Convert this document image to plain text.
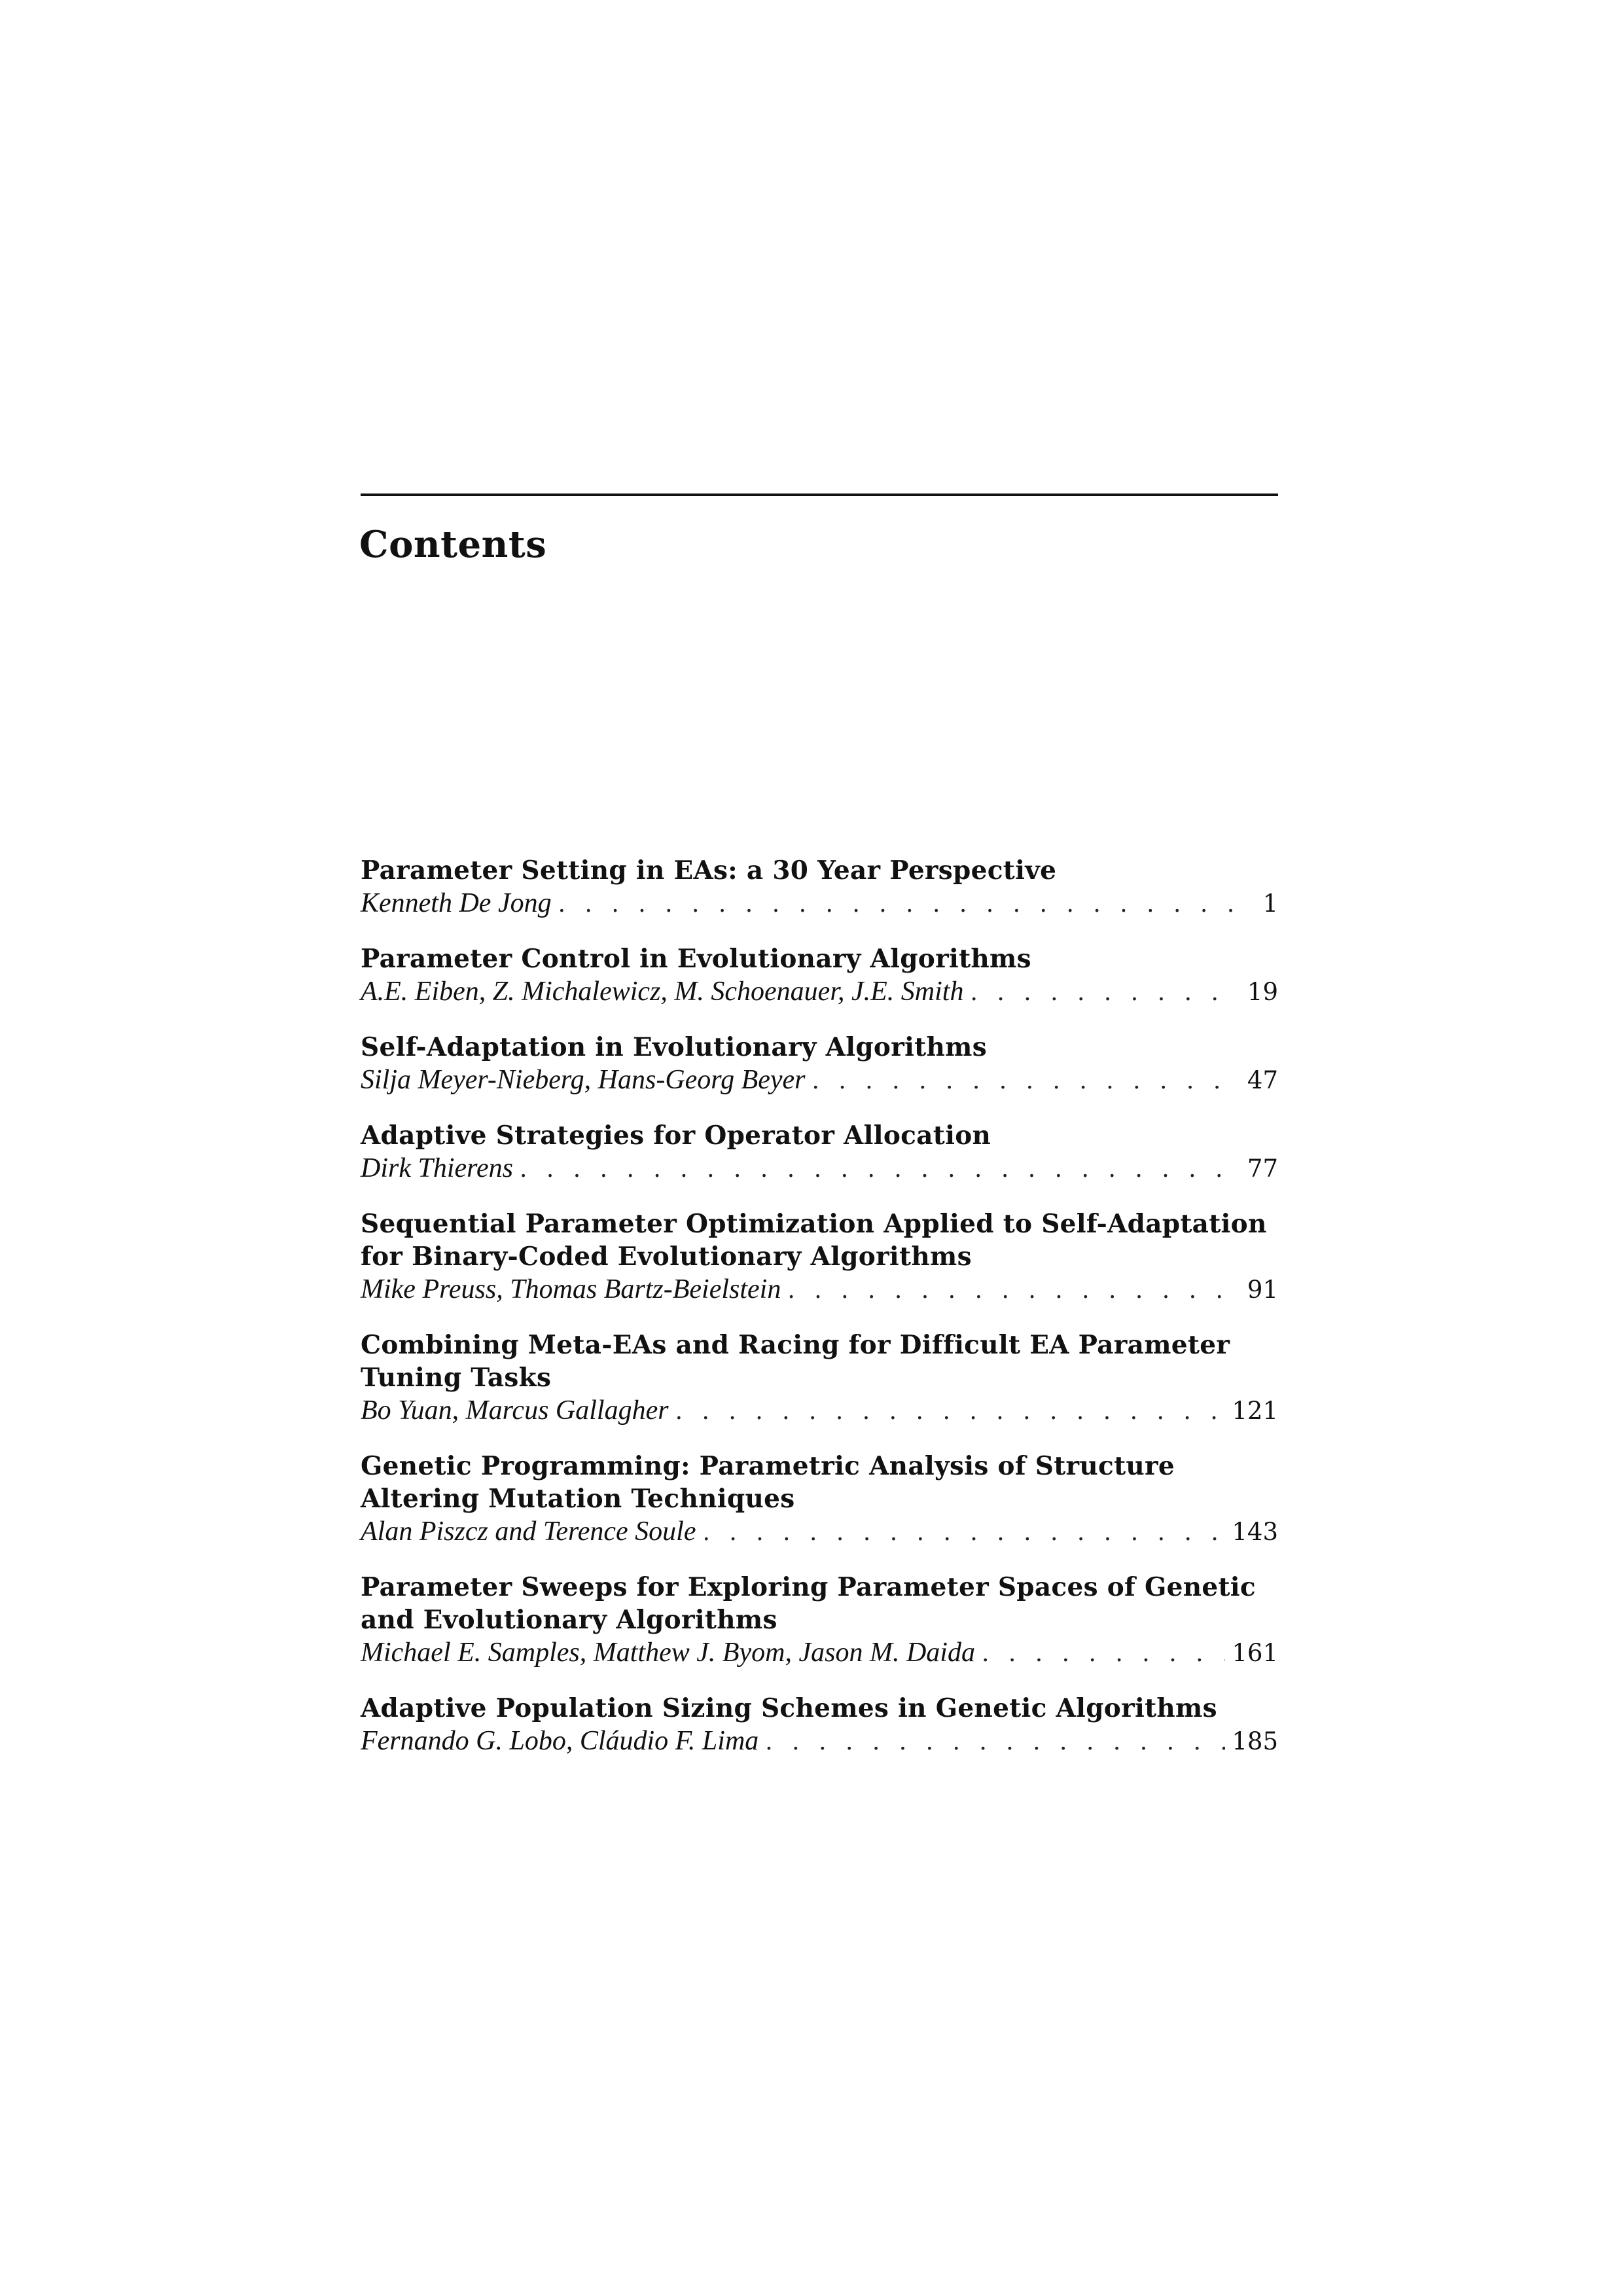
Contents
Parameter Setting in EAs: a 30 Year Perspective
Kenneth De Jong . . .	1
Parameter Control in Evolutionary Algorithms
A.E. Eiben, Z. Michalewicz, M. Schoenauer, J.E. Smith . . .	19
Self-Adaptation in Evolutionary Algorithms
Silja Meyer-Nieberg, Hans-Georg Beyer . . .	47
Adaptive Strategies for Operator Allocation
Dirk Thierens . . .	77
Sequential Parameter Optimization Applied to Self-Adaptation for Binary-Coded Evolutionary Algorithms
Mike Preuss, Thomas Bartz-Beielstein . . .	91
Combining Meta-EAs and Racing for Difficult EA Parameter Tuning Tasks
Bo Yuan, Marcus Gallagher . . .	121
Genetic Programming: Parametric Analysis of Structure Altering Mutation Techniques
Alan Piszcz and Terence Soule . . .	143
Parameter Sweeps for Exploring Parameter Spaces of Genetic and Evolutionary Algorithms
Michael E. Samples, Matthew J. Byom, Jason M. Daida . . .	161
Adaptive Population Sizing Schemes in Genetic Algorithms
Fernando G. Lobo, Cláudio F. Lima . . .	185
